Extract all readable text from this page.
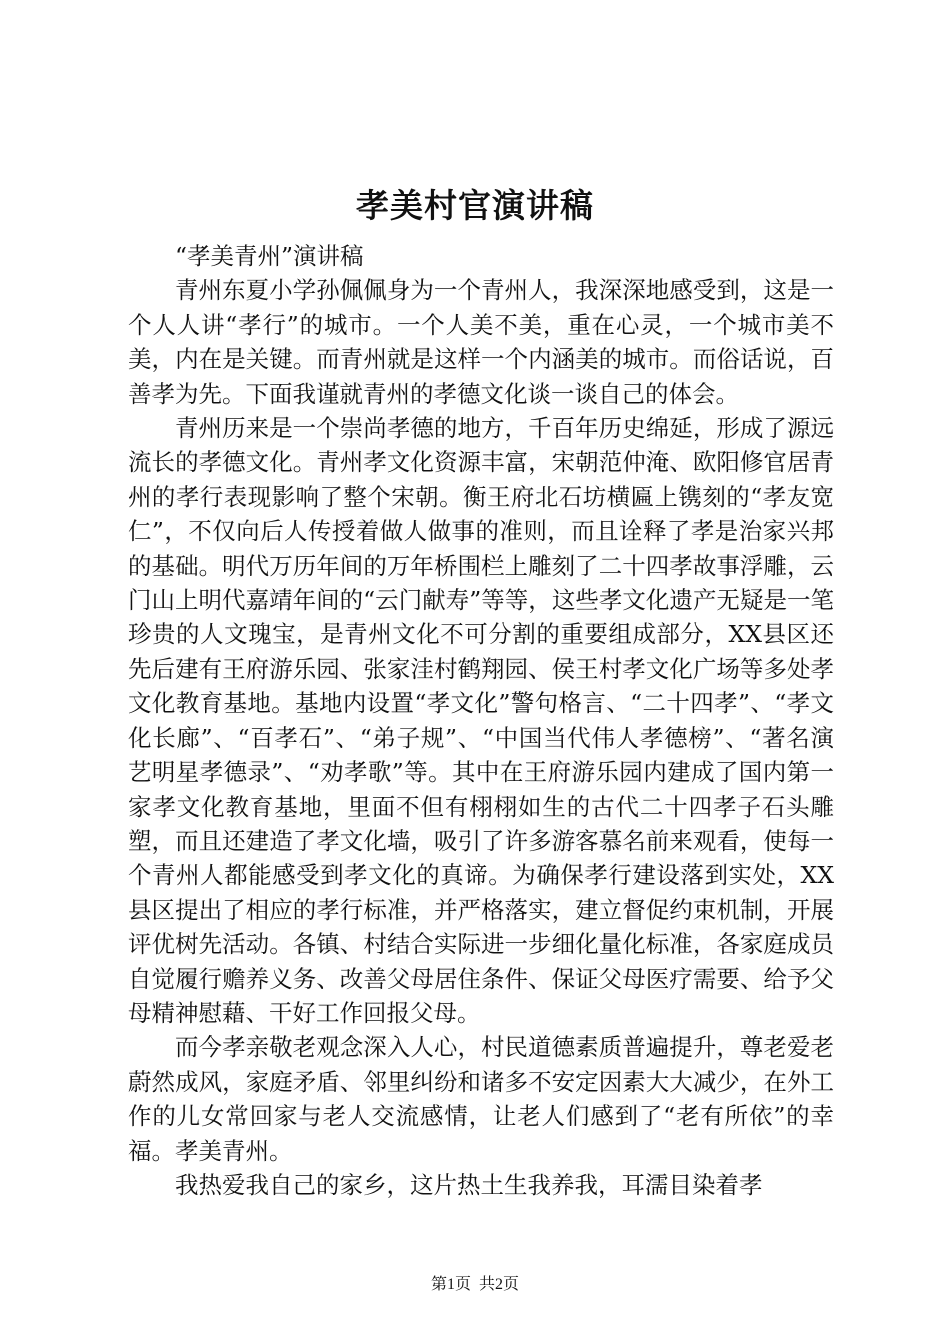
孝美村官演讲稿

“孝美青州”演讲稿

青州东夏小学孙佩佩身为一个青州人，我深深地感受到，这是一个人人讲“孝行”的城市。一个人美不美，重在心灵，一个城市美不美，内在是关键。而青州就是这样一个内涵美的城市。而俗话说，百善孝为先。下面我谨就青州的孝德文化谈一谈自己的体会。

青州历来是一个崇尚孝德的地方，千百年历史绵延，形成了源远流长的孝德文化。青州孝文化资源丰富，宋朝范仲淹、欧阳修官居青州的孝行表现影响了整个宋朝。衡王府北石坊横匾上镌刻的“孝友宽仁”，不仅向后人传授着做人做事的准则，而且诠释了孝是治家兴邦的基础。明代万历年间的万年桥围栏上雕刻了二十四孝故事浮雕，云门山上明代嘉靖年间的“云门献寿”等等，这些孝文化遗产无疑是一笔珍贵的人文瑰宝，是青州文化不可分割的重要组成部分，XX县区还先后建有王府游乐园、张家洼村鹤翔园、侯王村孝文化广场等多处孝文化教育基地。基地内设置“孝文化”警句格言、“二十四孝”、“孝文化长廊”、“百孝石”、“弟子规”、“中国当代伟人孝德榜”、“著名演艺明星孝德录”、“劝孝歌”等。其中在王府游乐园内建成了国内第一家孝文化教育基地，里面不但有栩栩如生的古代二十四孝子石头雕塑，而且还建造了孝文化墙，吸引了许多游客慕名前来观看，使每一个青州人都能感受到孝文化的真谛。为确保孝行建设落到实处，XX县区提出了相应的孝行标准，并严格落实，建立督促约束机制，开展评优树先活动。各镇、村结合实际进一步细化量化标准，各家庭成员自觉履行赡养义务、改善父母居住条件、保证父母医疗需要、给予父母精神慰藉、干好工作回报父母。

而今孝亲敬老观念深入人心，村民道德素质普遍提升，尊老爱老蔚然成风，家庭矛盾、邻里纠纷和诸多不安定因素大大减少，在外工作的儿女常回家与老人交流感情，让老人们感到了“老有所依”的幸福。孝美青州。

我热爱我自己的家乡，这片热土生我养我，耳濡目染着孝

第1页 共2页
